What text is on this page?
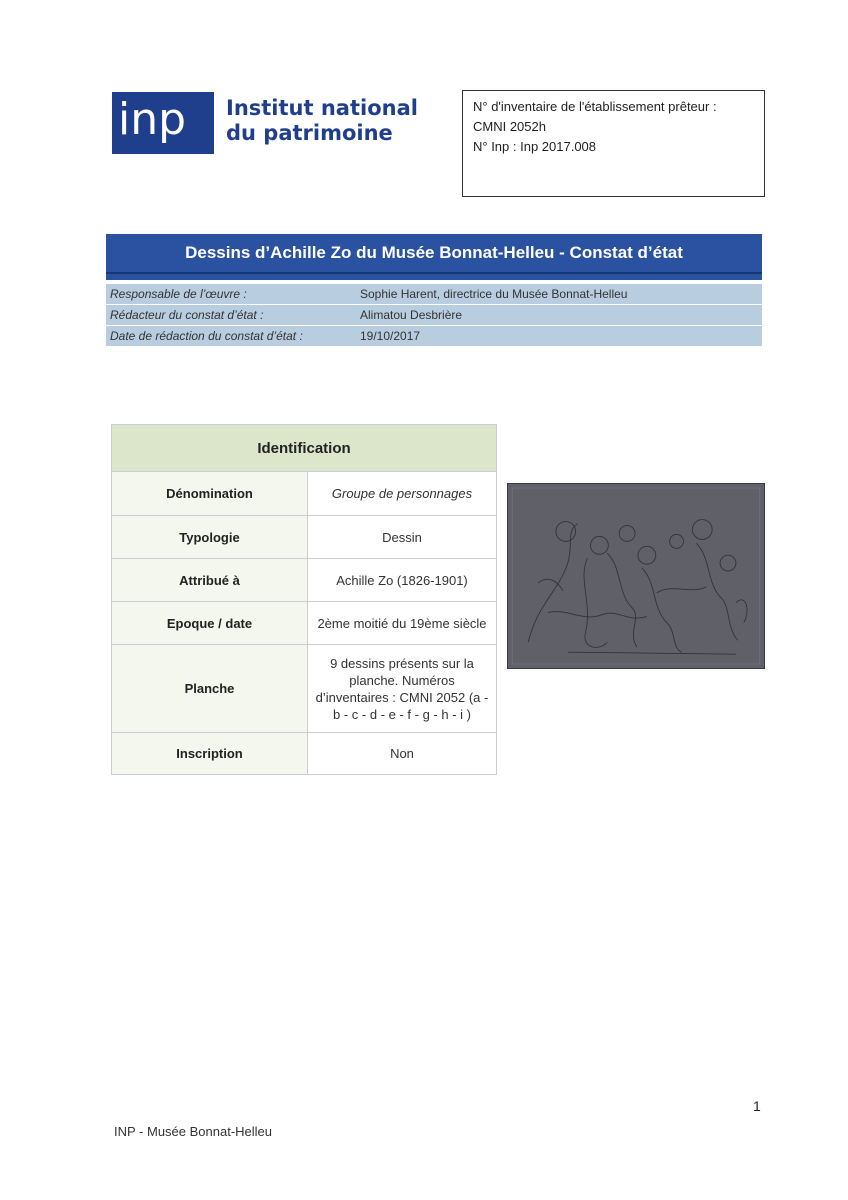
inp	Institut national
du patrimoine
N° d'inventaire de l'établissement prêteur :
CMNI 2052h
N° Inp : Inp 2017.008
Dessins d’Achille Zo du Musée Bonnat-Helleu - Constat d’état
Responsable de l’œuvre :	Sophie Harent, directrice du Musée Bonnat-Helleu
Rédacteur du constat d’état :	Alimatou Desbrière
Date de rédaction du constat d’état :	19/10/2017
Identification	
Dénomination	Groupe de personnages
Typologie	Dessin
Attribué à	Achille Zo (1826-1901)
Epoque / date	2ème moitié du 19ème siècle
Planche	9 dessins présents sur la planche. Numéros d’inventaires : CMNI 2052 (a - b - c - d - e - f - g - h - i )
Inscription	Non
1
INP - Musée Bonnat-Helleu
